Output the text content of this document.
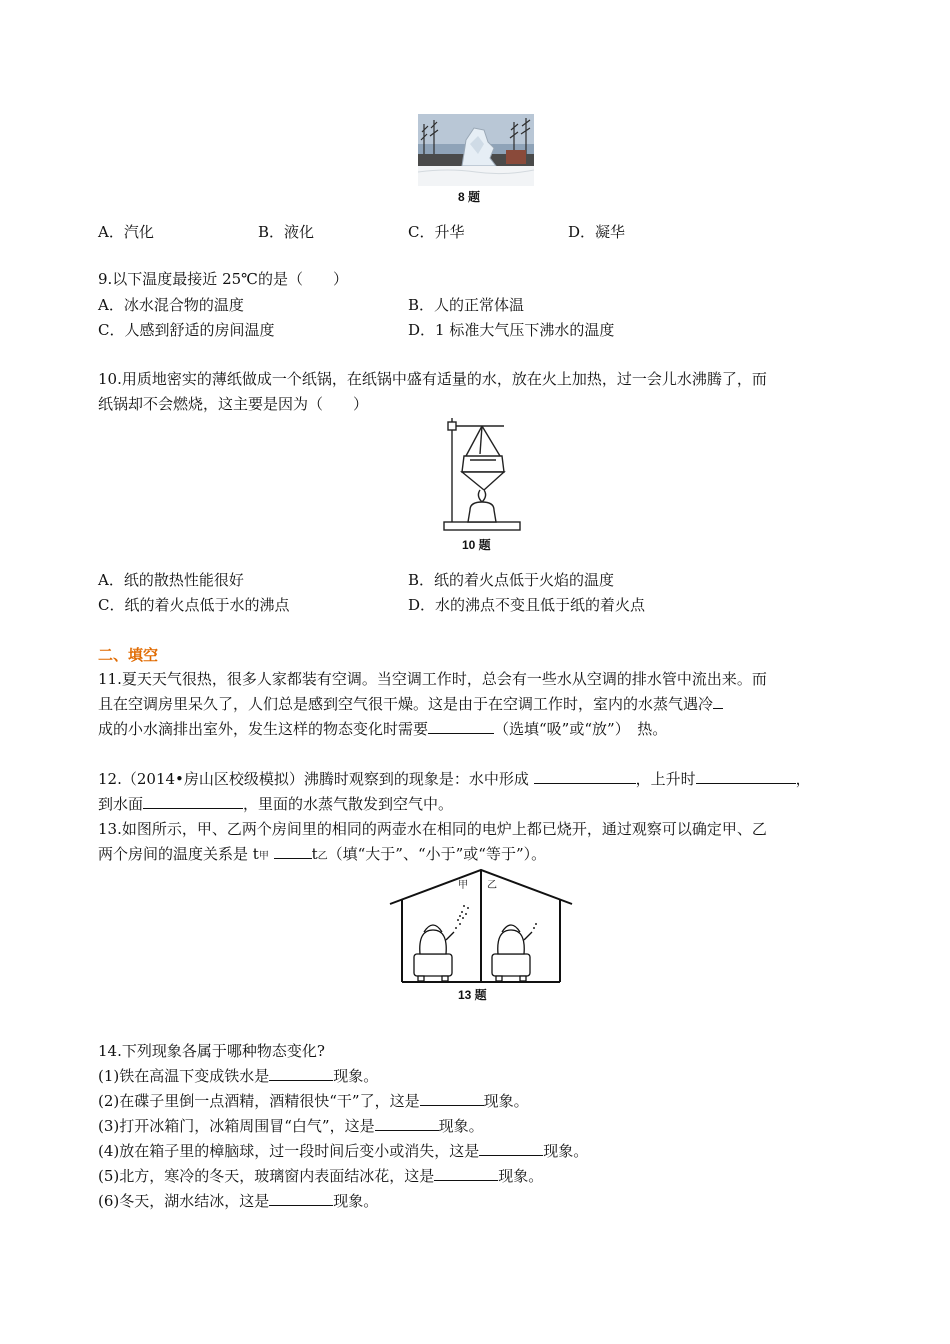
8 题
A．汽化	B．液化	C．升华	D．凝华
9.以下温度最接近 25℃的是（　　）
A．冰水混合物的温度	B．人的正常体温
C．人感到舒适的房间温度	D．1 标准大气压下沸水的温度
10.用质地密实的薄纸做成一个纸锅，在纸锅中盛有适量的水，放在火上加热，过一会儿水沸腾了，而
纸锅却不会燃烧，这主要是因为（　　）
10 题
A．纸的散热性能很好	B．纸的着火点低于火焰的温度
C．纸的着火点低于水的沸点	D．水的沸点不变且低于纸的着火点
二、填空
11.夏天天气很热，很多人家都装有空调。当空调工作时，总会有一些水从空调的排水管中流出来。而
且在空调房里呆久了，人们总是感到空气很干燥。这是由于在空调工作时，室内的水蒸气遇冷
成的小水滴排出室外，发生这样的物态变化时需要	（选填“吸”或“放”）　热。
12.（2014•房山区校级模拟）沸腾时观察到的现象是：水中形成	，上升时	，
到水面	，里面的水蒸气散发到空气中。
13.如图所示，甲、乙两个房间里的相同的两壶水在相同的电炉上都已烧开，通过观察可以确定甲、乙
两个房间的温度关系是 t甲	t乙（填“大于”、“小于”或“等于”）。
甲 乙
13 题
14.下列现象各属于哪种物态变化?
(1)铁在高温下变成铁水是	现象。
(2)在碟子里倒一点酒精，酒精很快“干”了，这是	现象。
(3)打开冰箱门，冰箱周围冒“白气”，这是	现象。
(4)放在箱子里的樟脑球，过一段时间后变小或消失，这是	现象。
(5)北方，寒冷的冬天，玻璃窗内表面结冰花，这是	现象。
(6)冬天，湖水结冰，这是	现象。
